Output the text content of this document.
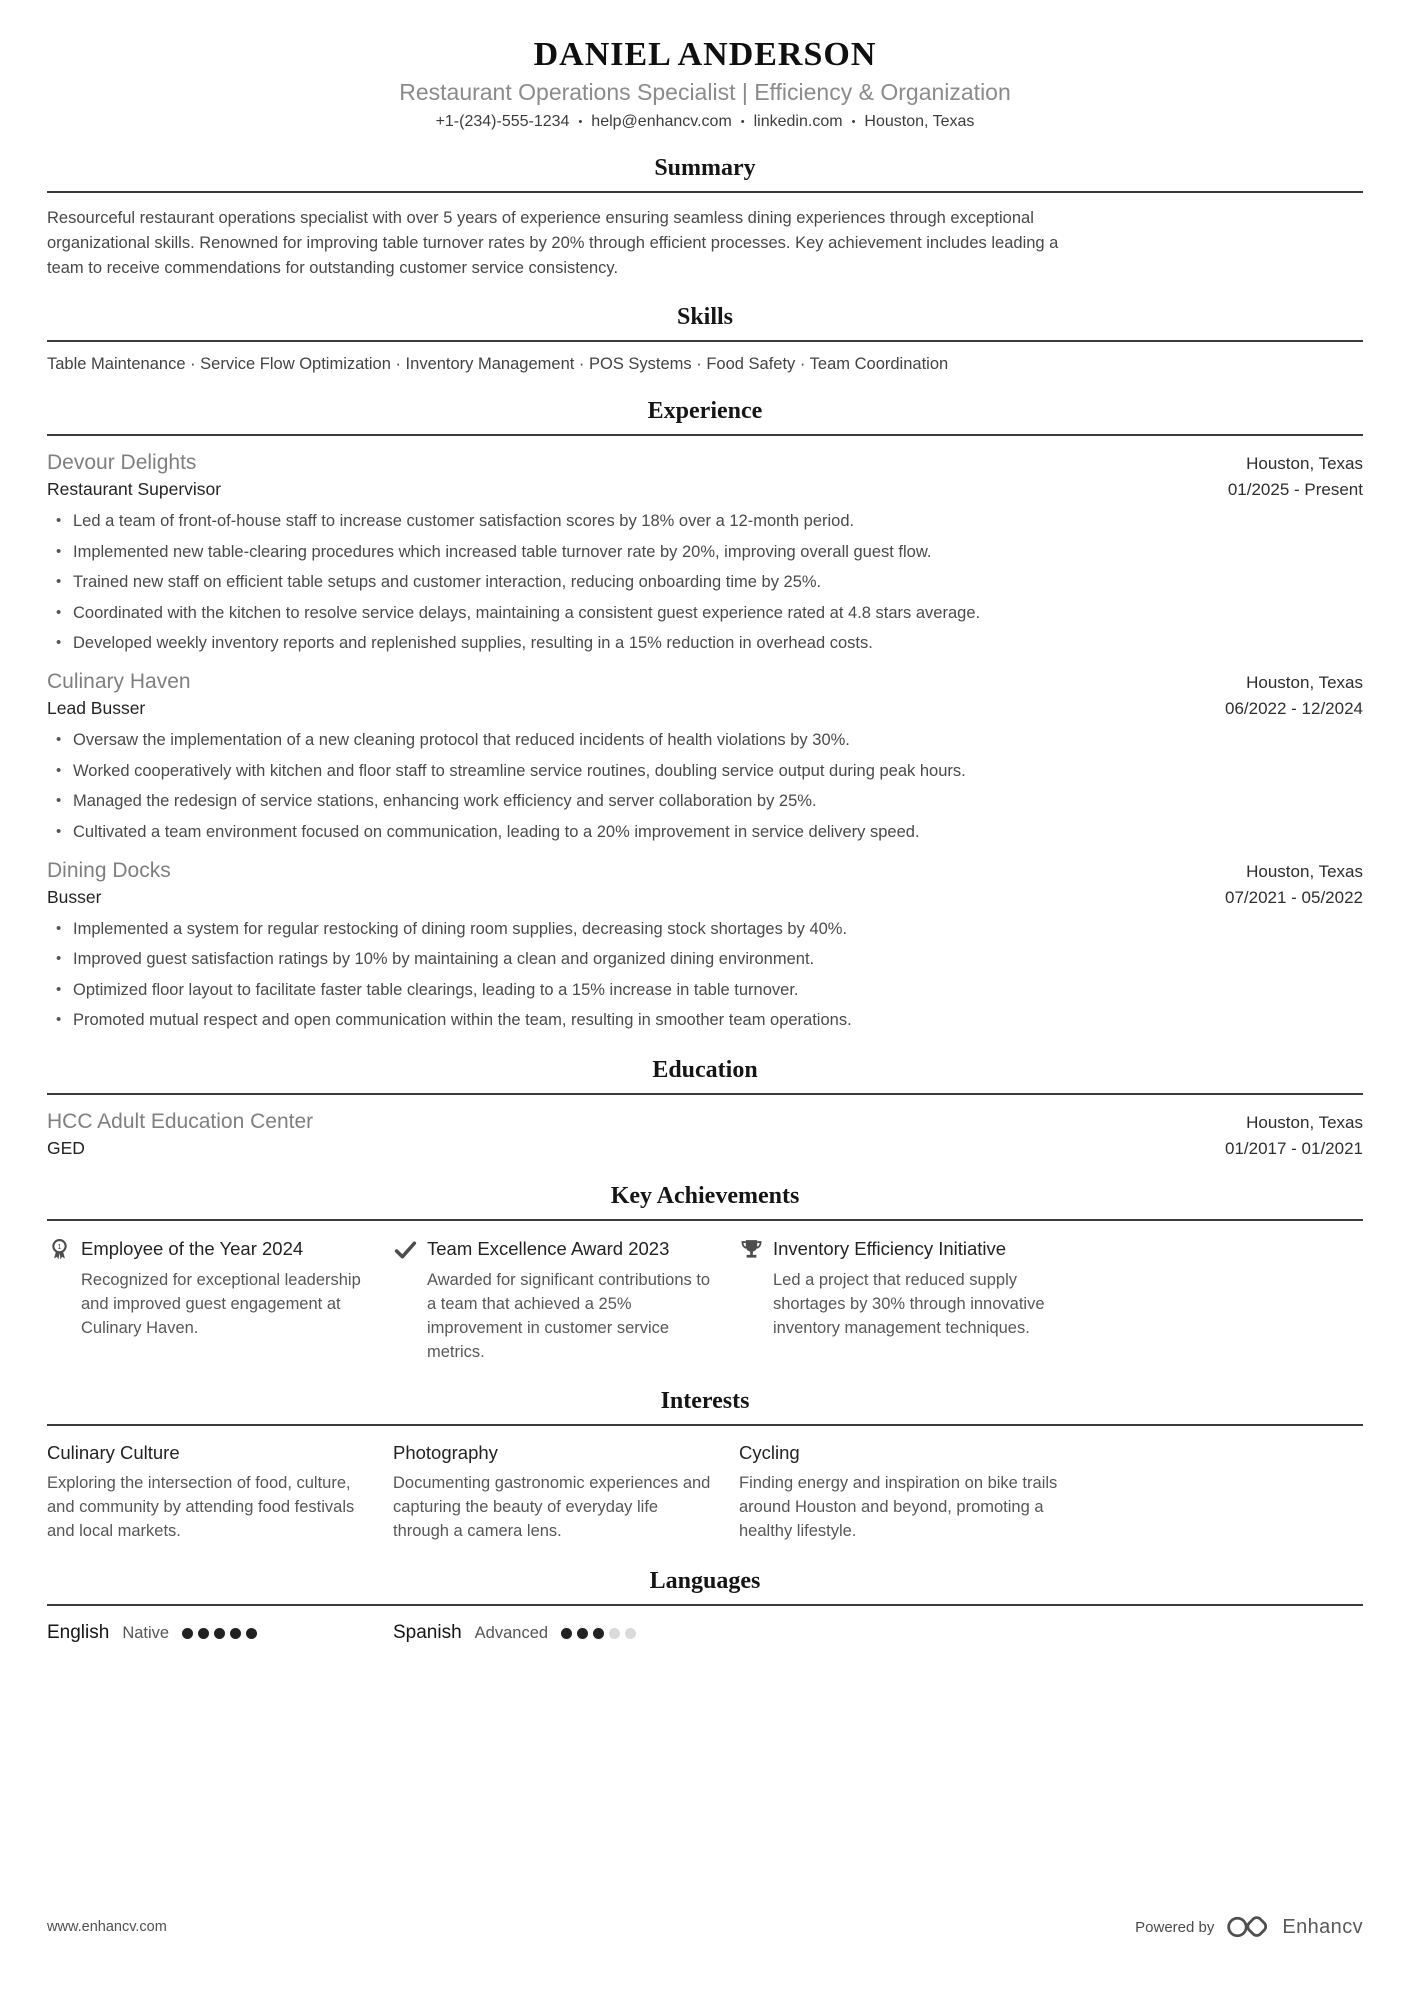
DANIEL ANDERSON
Restaurant Operations Specialist | Efficiency & Organization
+1-(234)-555-1234 • help@enhancv.com • linkedin.com • Houston, Texas
Summary

Resourceful restaurant operations specialist with over 5 years of experience ensuring seamless dining experiences through exceptional organizational skills. Renowned for improving table turnover rates by 20% through efficient processes. Key achievement includes leading a team to receive commendations for outstanding customer service consistency.

Skills

Table Maintenance · Service Flow Optimization · Inventory Management · POS Systems · Food Safety · Team Coordination

Experience
Devour Delights	Houston, Texas
Restaurant Supervisor	01/2025 - Present
• Led a team of front-of-house staff to increase customer satisfaction scores by 18% over a 12-month period.
• Implemented new table-clearing procedures which increased table turnover rate by 20%, improving overall guest flow.
• Trained new staff on efficient table setups and customer interaction, reducing onboarding time by 25%.
• Coordinated with the kitchen to resolve service delays, maintaining a consistent guest experience rated at 4.8 stars average.
• Developed weekly inventory reports and replenished supplies, resulting in a 15% reduction in overhead costs.
Culinary Haven	Houston, Texas
Lead Busser	06/2022 - 12/2024
• Oversaw the implementation of a new cleaning protocol that reduced incidents of health violations by 30%.
• Worked cooperatively with kitchen and floor staff to streamline service routines, doubling service output during peak hours.
• Managed the redesign of service stations, enhancing work efficiency and server collaboration by 25%.
• Cultivated a team environment focused on communication, leading to a 20% improvement in service delivery speed.
Dining Docks	Houston, Texas
Busser	07/2021 - 05/2022
• Implemented a system for regular restocking of dining room supplies, decreasing stock shortages by 40%.
• Improved guest satisfaction ratings by 10% by maintaining a clean and organized dining environment.
• Optimized floor layout to facilitate faster table clearings, leading to a 15% increase in table turnover.
• Promoted mutual respect and open communication within the team, resulting in smoother team operations.
Education
HCC Adult Education Center	Houston, Texas
GED	01/2017 - 01/2021
Key Achievements
1 Employee of the Year 2024

Recognized for exceptional leadership and improved guest engagement at Culinary Haven.

Team Excellence Award 2023

Awarded for significant contributions to a team that achieved a 25% improvement in customer service metrics.

Inventory Efficiency Initiative

Led a project that reduced supply shortages by 30% through innovative inventory management techniques.

Interests
Culinary Culture

Exploring the intersection of food, culture, and community by attending food festivals and local markets.

Photography

Documenting gastronomic experiences and capturing the beauty of everyday life through a camera lens.

Cycling

Finding energy and inspiration on bike trails around Houston and beyond, promoting a healthy lifestyle.

Languages
English Native	Spanish Advanced
www.enhancv.com	Powered by	Enhancv
